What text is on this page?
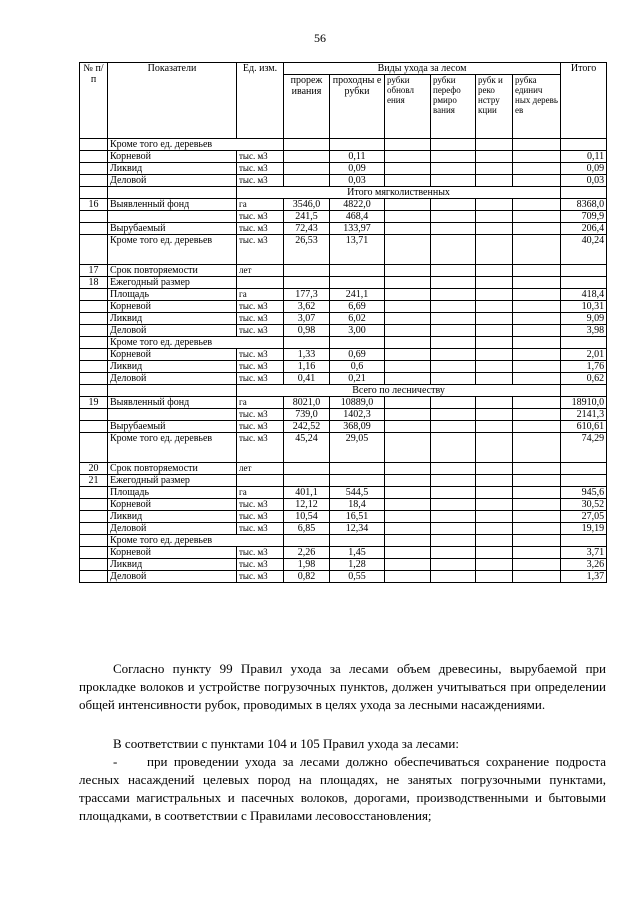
56
№ п/п	Показатели	Ед. изм.	Виды ухода за лесом						Итого
			прореж ивания	проходны е рубки	рубки обновл ения	рубки перефо рмиро вания	рубк и реко нстру кции	рубка единич ных деревь ев	
	Кроме того ед. деревьев								
	Корневой	тыс. м3		0,11					0,11
	Ликвид	тыс. м3		0,09					0,09
	Деловой	тыс. м3		0,03					0,03
		Итого мягколиственных							
16	Выявленный фонд	га	3546,0	4822,0					8368,0
		тыс. м3	241,5	468,4					709,9
	Вырубаемый	тыс. м3	72,43	133,97					206,4
	Кроме того ед. деревьев	тыс. м3	26,53	13,71					40,24
17	Срок повторяемости	лет							
18	Ежегодный размер								
	Площадь	га	177,3	241,1					418,4
	Корневой	тыс. м3	3,62	6,69					10,31
	Ликвид	тыс. м3	3,07	6,02					9,09
	Деловой	тыс. м3	0,98	3,00					3,98
	Кроме того ед. деревьев								
	Корневой	тыс. м3	1,33	0,69					2,01
	Ликвид	тыс. м3	1,16	0,6					1,76
	Деловой	тыс. м3	0,41	0,21					0,62
		Всего по лесничеству							
19	Выявленный фонд	га	8021,0	10889,0					18910,0
		тыс. м3	739,0	1402,3					2141,3
	Вырубаемый	тыс. м3	242,52	368,09					610,61
	Кроме того ед. деревьев	тыс. м3	45,24	29,05					74,29
20	Срок повторяемости	лет							
21	Ежегодный размер								
	Площадь	га	401,1	544,5					945,6
	Корневой	тыс. м3	12,12	18,4					30,52
	Ликвид	тыс. м3	10,54	16,51					27,05
	Деловой	тыс. м3	6,85	12,34					19,19
	Кроме того ед. деревьев								
	Корневой	тыс. м3	2,26	1,45					3,71
	Ликвид	тыс. м3	1,98	1,28					3,26
	Деловой	тыс. м3	0,82	0,55					1,37
Согласно пункту 99 Правил ухода за лесами объем древесины, вырубаемой при прокладке волоков и устройстве погрузочных пунктов, должен учитываться при определении общей интенсивности рубок, проводимых в целях ухода за лесными насаждениями.
В соответствии с пунктами 104 и 105 Правил ухода за лесами:
- при проведении ухода за лесами должно обеспечиваться сохранение подроста лесных насаждений целевых пород на площадях, не занятых погрузочными пунктами, трассами магистральных и пасечных волоков, дорогами, производственными и бытовыми площадками, в соответствии с Правилами лесовосстановления;
